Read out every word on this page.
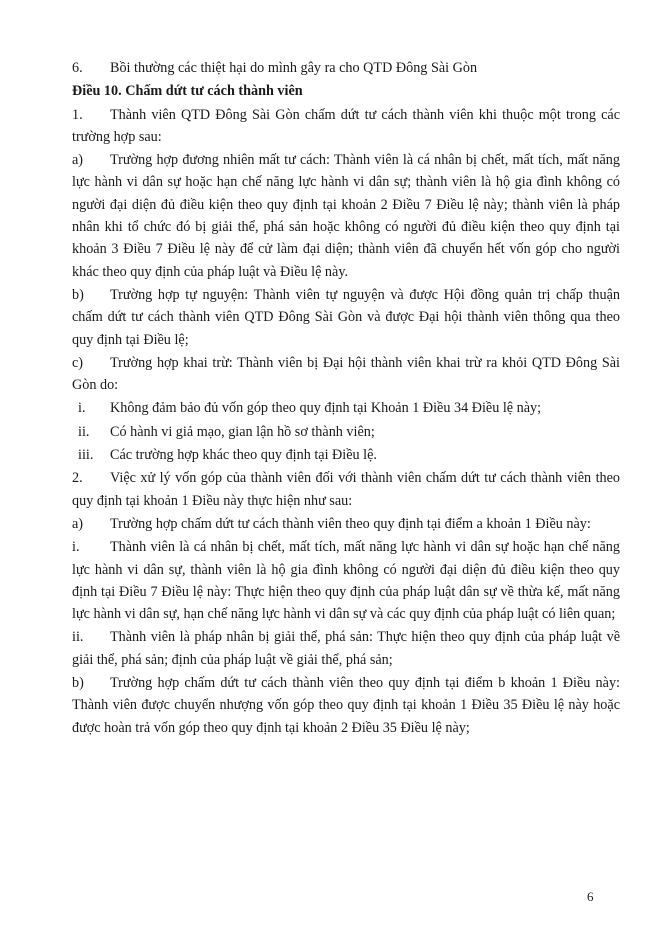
6. Bồi thường các thiệt hại do mình gây ra cho QTD Đông Sài Gòn

Điều 10. Chấm dứt tư cách thành viên

1. Thành viên QTD Đông Sài Gòn chấm dứt tư cách thành viên khi thuộc một trong các trường hợp sau:

a) Trường hợp đương nhiên mất tư cách: Thành viên là cá nhân bị chết, mất tích, mất năng lực hành vi dân sự hoặc hạn chế năng lực hành vi dân sự; thành viên là hộ gia đình không có người đại diện đủ điều kiện theo quy định tại khoản 2 Điều 7 Điều lệ này; thành viên là pháp nhân khi tổ chức đó bị giải thể, phá sản hoặc không có người đủ điều kiện theo quy định tại khoản 3 Điều 7 Điều lệ này để cử làm đại diện; thành viên đã chuyển hết vốn góp cho người khác theo quy định của pháp luật và Điều lệ này.

b) Trường hợp tự nguyện: Thành viên tự nguyện và được Hội đồng quản trị chấp thuận chấm dứt tư cách thành viên QTD Đông Sài Gòn và được Đại hội thành viên thông qua theo quy định tại Điều lệ;

c) Trường hợp khai trừ: Thành viên bị Đại hội thành viên khai trừ ra khỏi QTD Đông Sài Gòn do:

i. Không đảm bảo đủ vốn góp theo quy định tại Khoản 1 Điều 34 Điều lệ này;

ii. Có hành vi giả mạo, gian lận hồ sơ thành viên;

iii. Các trường hợp khác theo quy định tại Điều lệ.

2. Việc xử lý vốn góp của thành viên đối với thành viên chấm dứt tư cách thành viên theo quy định tại khoản 1 Điều này thực hiện như sau:

a) Trường hợp chấm dứt tư cách thành viên theo quy định tại điểm a khoản 1 Điều này:

i. Thành viên là cá nhân bị chết, mất tích, mất năng lực hành vi dân sự hoặc hạn chế năng lực hành vi dân sự, thành viên là hộ gia đình không có người đại diện đủ điều kiện theo quy định tại Điều 7 Điều lệ này: Thực hiện theo quy định của pháp luật dân sự về thừa kế, mất năng lực hành vi dân sự, hạn chế năng lực hành vi dân sự và các quy định của pháp luật có liên quan;

ii. Thành viên là pháp nhân bị giải thể, phá sản: Thực hiện theo quy định của pháp luật về giải thể, phá sản; định của pháp luật về giải thể, phá sản;

b) Trường hợp chấm dứt tư cách thành viên theo quy định tại điểm b khoản 1 Điều này: Thành viên được chuyển nhượng vốn góp theo quy định tại khoản 1 Điều 35 Điều lệ này hoặc được hoàn trả vốn góp theo quy định tại khoản 2 Điều 35 Điều lệ này;

6
